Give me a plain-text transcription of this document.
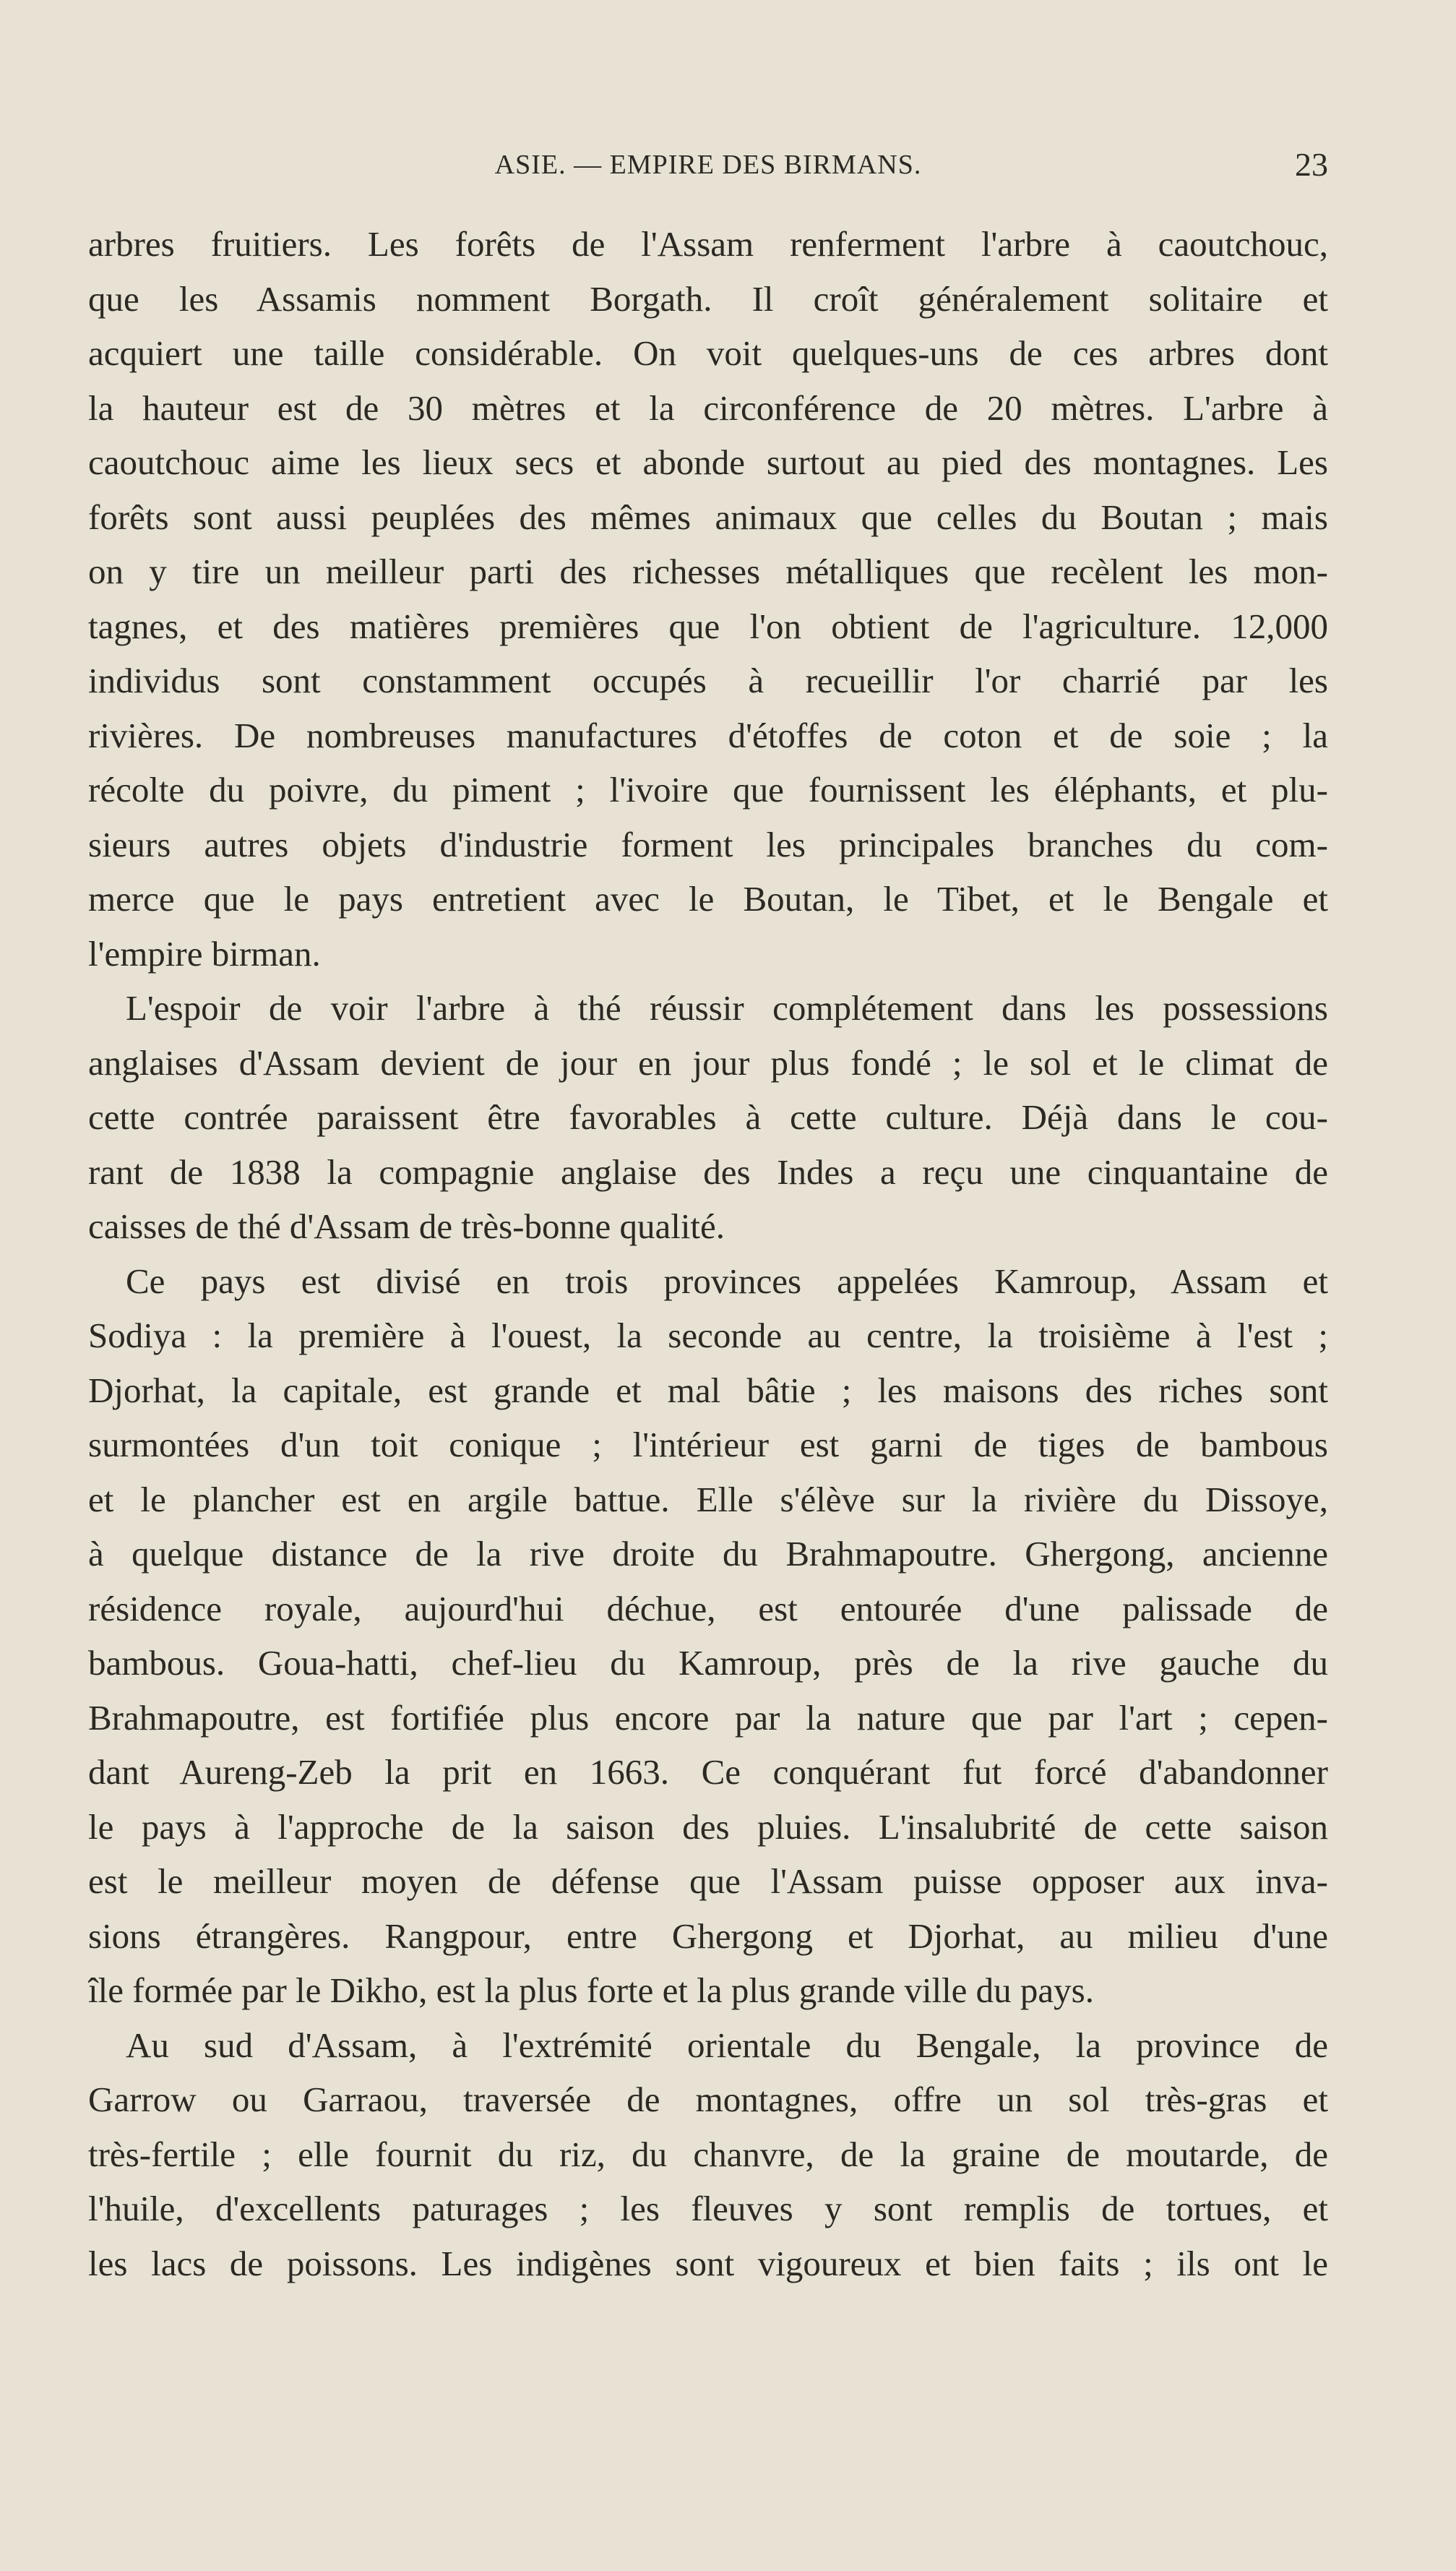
ASIE. — EMPIRE DES BIRMANS.	23
arbres fruitiers. Les forêts de l'Assam renferment l'arbre à caoutchouc,
que les Assamis nomment Borgath. Il croît généralement solitaire et
acquiert une taille considérable. On voit quelques-uns de ces arbres dont
la hauteur est de 30 mètres et la circonférence de 20 mètres. L'arbre à
caoutchouc aime les lieux secs et abonde surtout au pied des montagnes. Les
forêts sont aussi peuplées des mêmes animaux que celles du Boutan ; mais
on y tire un meilleur parti des richesses métalliques que recèlent les mon-
tagnes, et des matières premières que l'on obtient de l'agriculture. 12,000
individus sont constamment occupés à recueillir l'or charrié par les
rivières. De nombreuses manufactures d'étoffes de coton et de soie ; la
récolte du poivre, du piment ; l'ivoire que fournissent les éléphants, et plu-
sieurs autres objets d'industrie forment les principales branches du com-
merce que le pays entretient avec le Boutan, le Tibet, et le Bengale et
l'empire birman.
L'espoir de voir l'arbre à thé réussir complétement dans les possessions
anglaises d'Assam devient de jour en jour plus fondé ; le sol et le climat de
cette contrée paraissent être favorables à cette culture. Déjà dans le cou-
rant de 1838 la compagnie anglaise des Indes a reçu une cinquantaine de
caisses de thé d'Assam de très-bonne qualité.
Ce pays est divisé en trois provinces appelées Kamroup, Assam et
Sodiya : la première à l'ouest, la seconde au centre, la troisième à l'est ;
Djorhat, la capitale, est grande et mal bâtie ; les maisons des riches sont
surmontées d'un toit conique ; l'intérieur est garni de tiges de bambous
et le plancher est en argile battue. Elle s'élève sur la rivière du Dissoye,
à quelque distance de la rive droite du Brahmapoutre. Ghergong, ancienne
résidence royale, aujourd'hui déchue, est entourée d'une palissade de
bambous. Goua-hatti, chef-lieu du Kamroup, près de la rive gauche du
Brahmapoutre, est fortifiée plus encore par la nature que par l'art ; cepen-
dant Aureng-Zeb la prit en 1663. Ce conquérant fut forcé d'abandonner
le pays à l'approche de la saison des pluies. L'insalubrité de cette saison
est le meilleur moyen de défense que l'Assam puisse opposer aux inva-
sions étrangères. Rangpour, entre Ghergong et Djorhat, au milieu d'une
île formée par le Dikho, est la plus forte et la plus grande ville du pays.
Au sud d'Assam, à l'extrémité orientale du Bengale, la province de
Garrow ou Garraou, traversée de montagnes, offre un sol très-gras et
très-fertile ; elle fournit du riz, du chanvre, de la graine de moutarde, de
l'huile, d'excellents paturages ; les fleuves y sont remplis de tortues, et
les lacs de poissons. Les indigènes sont vigoureux et bien faits ; ils ont le
